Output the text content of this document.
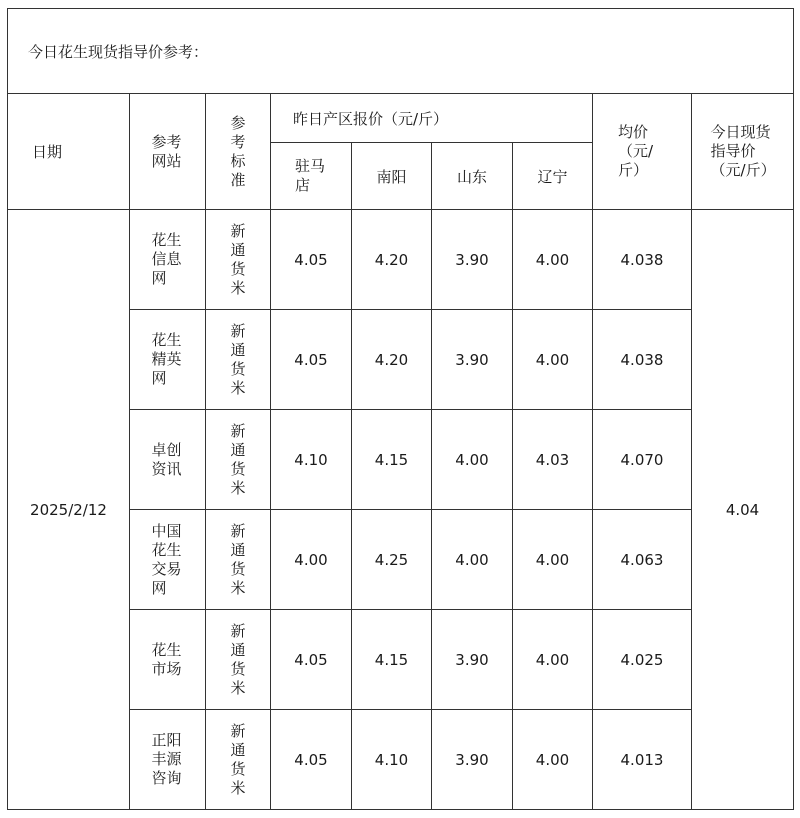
今日花生现货指导价参考：								
日期	参考网站	参考标准	昨日产区报价（元/斤）				均价（元/斤）	今日现货指导价（元/斤）
			驻马店	南阳	山东	辽宁		
2025/2/12	花生信息网	新通货米	4.05	4.20	3.90	4.00	4.038	4.04
	花生精英网	新通货米	4.05	4.20	3.90	4.00	4.038	
	卓创资讯	新通货米	4.10	4.15	4.00	4.03	4.070	
	中国花生交易网	新通货米	4.00	4.25	4.00	4.00	4.063	
	花生市场	新通货米	4.05	4.15	3.90	4.00	4.025	
	正阳丰源咨询	新通货米	4.05	4.10	3.90	4.00	4.013	
